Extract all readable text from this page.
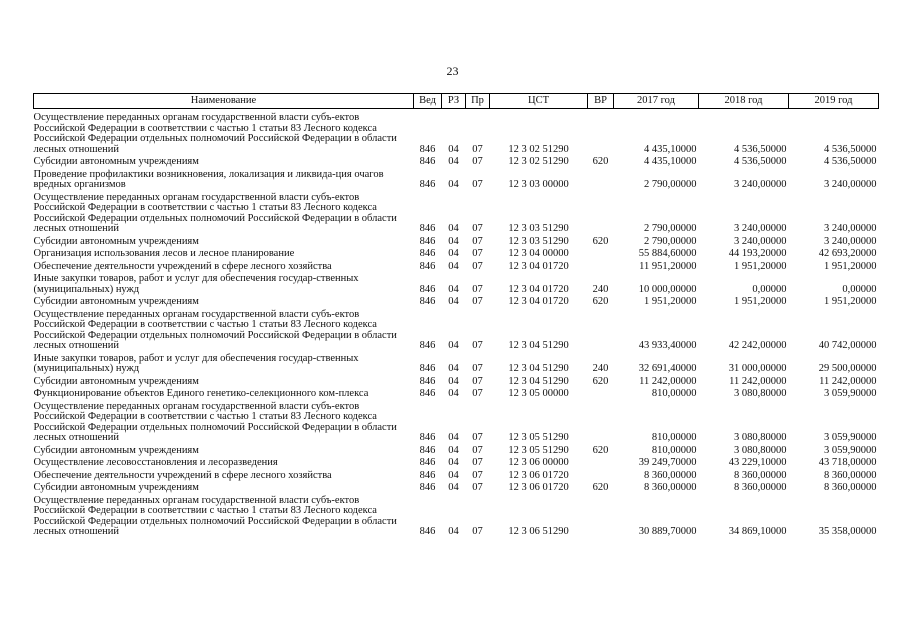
23
Наименование	Вед	РЗ	Пр	ЦСТ	ВР	2017 год	2018 год	2019 год
Осуществление переданных органам государственной власти субъ-ектов Российской Федерации в соответствии с частью 1 статьи 83 Лесного кодекса Российской Федерации отдельных полномочий Российской Федерации в области лесных отношений	846	04	07	12 3 02 51290		4 435,10000	4 536,50000	4 536,50000
Субсидии автономным учреждениям	846	04	07	12 3 02 51290	620	4 435,10000	4 536,50000	4 536,50000
Проведение профилактики возникновения, локализация и ликвида-ция очагов вредных организмов	846	04	07	12 3 03 00000		2 790,00000	3 240,00000	3 240,00000
Осуществление переданных органам государственной власти субъ-ектов Российской Федерации в соответствии с частью 1 статьи 83 Лесного кодекса Российской Федерации отдельных полномочий Российской Федерации в области лесных отношений	846	04	07	12 3 03 51290		2 790,00000	3 240,00000	3 240,00000
Субсидии автономным учреждениям	846	04	07	12 3 03 51290	620	2 790,00000	3 240,00000	3 240,00000
Организация использования лесов и лесное планирование	846	04	07	12 3 04 00000		55 884,60000	44 193,20000	42 693,20000
Обеспечение деятельности учреждений в сфере лесного хозяйства	846	04	07	12 3 04 01720		11 951,20000	1 951,20000	1 951,20000
Иные закупки товаров, работ и услуг для обеспечения государ-ственных (муниципальных) нужд	846	04	07	12 3 04 01720	240	10 000,00000	0,00000	0,00000
Субсидии автономным учреждениям	846	04	07	12 3 04 01720	620	1 951,20000	1 951,20000	1 951,20000
Осуществление переданных органам государственной власти субъ-ектов Российской Федерации в соответствии с частью 1 статьи 83 Лесного кодекса Российской Федерации отдельных полномочий Российской Федерации в области лесных отношений	846	04	07	12 3 04 51290		43 933,40000	42 242,00000	40 742,00000
Иные закупки товаров, работ и услуг для обеспечения государ-ственных (муниципальных) нужд	846	04	07	12 3 04 51290	240	32 691,40000	31 000,00000	29 500,00000
Субсидии автономным учреждениям	846	04	07	12 3 04 51290	620	11 242,00000	11 242,00000	11 242,00000
Функционирование объектов Единого генетико-селекционного ком-плекса	846	04	07	12 3 05 00000		810,00000	3 080,80000	3 059,90000
Осуществление переданных органам государственной власти субъ-ектов Российской Федерации в соответствии с частью 1 статьи 83 Лесного кодекса Российской Федерации отдельных полномочий Российской Федерации в области лесных отношений	846	04	07	12 3 05 51290		810,00000	3 080,80000	3 059,90000
Субсидии автономным учреждениям	846	04	07	12 3 05 51290	620	810,00000	3 080,80000	3 059,90000
Осуществление лесовосстановления и лесоразведения	846	04	07	12 3 06 00000		39 249,70000	43 229,10000	43 718,00000
Обеспечение деятельности учреждений в сфере лесного хозяйства	846	04	07	12 3 06 01720		8 360,00000	8 360,00000	8 360,00000
Субсидии автономным учреждениям	846	04	07	12 3 06 01720	620	8 360,00000	8 360,00000	8 360,00000
Осуществление переданных органам государственной власти субъ-ектов Российской Федерации в соответствии с частью 1 статьи 83 Лесного кодекса Российской Федерации отдельных полномочий Российской Федерации в области лесных отношений	846	04	07	12 3 06 51290		30 889,70000	34 869,10000	35 358,00000
